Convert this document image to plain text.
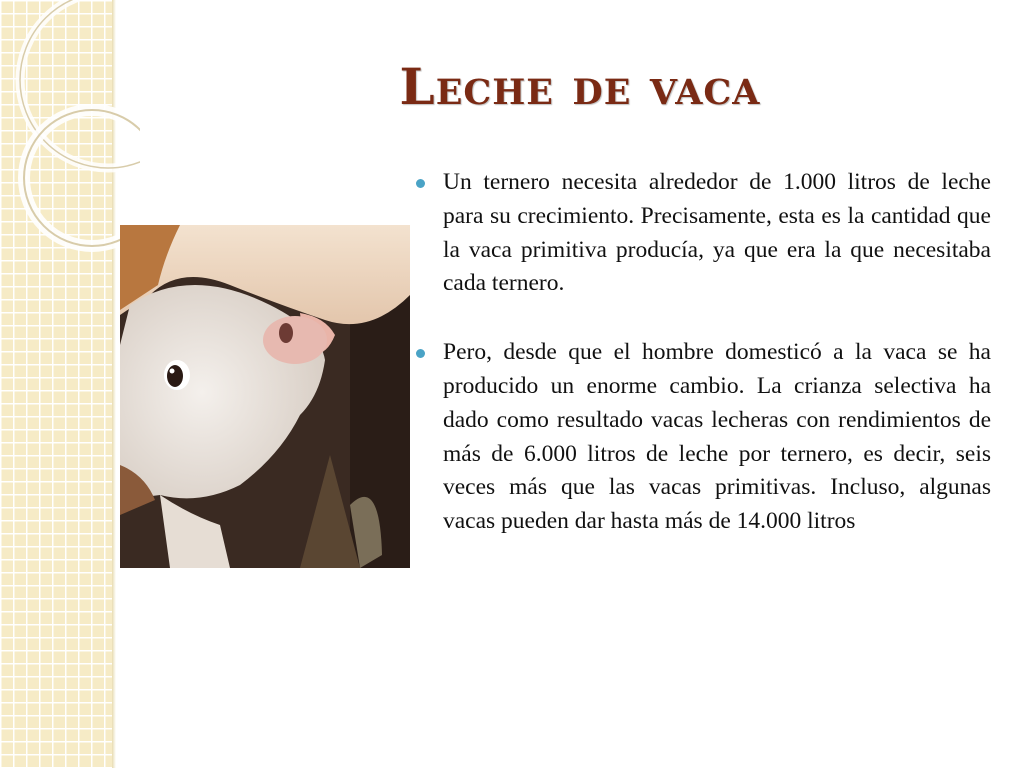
Leche de vaca

Un ternero necesita alrededor de 1.000 litros de leche para su crecimiento. Precisamente, esta es la cantidad que la vaca primitiva producía, ya que era la que necesitaba cada ternero.

Pero, desde que el hombre domesticó a la vaca se ha producido un enorme cambio. La crianza selectiva ha dado como resultado vacas lecheras con rendimientos de más de 6.000 litros de leche por ternero, es decir, seis veces más que las vacas primitivas. Incluso, algunas vacas pueden dar hasta más de 14.000 litros
